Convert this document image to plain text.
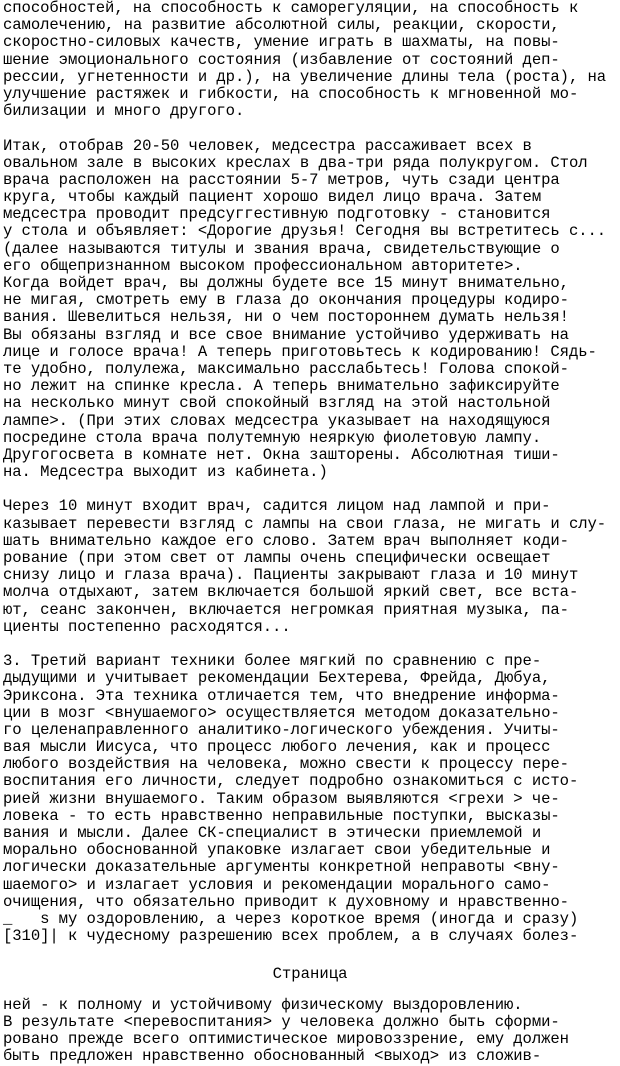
способностей, на способность к саморегуляции, на способность к
самолечению, на развитие абсолютной силы, реакции, скорости,
скоростно-силовых качеств, умение играть в шахматы, на повы-
шение эмоционального состояния (избавление от состояний деп-
рессии, угнетенности и др.), на увеличение длины тела (роста), на
улучшение растяжек и гибкости, на способность к мгновенной мо-
билизации и много другого.
Итак, отобрав 20-50 человек, медсестра рассаживает всех в
овальном зале в высоких креслах в два-три ряда полукругом. Стол
врача расположен на расстоянии 5-7 метров, чуть сзади центра
круга, чтобы каждый пациент хорошо видел лицо врача. Затем
медсестра проводит предсуггестивную подготовку - становится
у стола и объявляет: <Дорогие друзья! Сегодня вы встретитесь с...
(далее называются титулы и звания врача, свидетельствующие о
его общепризнанном высоком профессиональном авторитете>.
Когда войдет врач, вы должны будете все 15 минут внимательно,
не мигая, смотреть ему в глаза до окончания процедуры кодиро-
вания. Шевелиться нельзя, ни о чем постороннем думать нельзя!
Вы обязаны взгляд и все свое внимание устойчиво удерживать на
лице и голосе врача! А теперь приготовьтесь к кодированию! Сядь-
те удобно, полулежа, максимально расслабьтесь! Голова спокой-
но лежит на спинке кресла. А теперь внимательно зафиксируйте
на несколько минут свой спокойный взгляд на этой настольной
лампе>. (При этих словах медсестра указывает на находящуюся
посредине стола врача полутемную неяркую фиолетовую лампу.
Другогосвета в комнате нет. Окна зашторены. Абсолютная тиши-
на. Медсестра выходит из кабинета.)
Через 10 минут входит врач, садится лицом над лампой и при-
казывает перевести взгляд с лампы на свои глаза, не мигать и слу-
шать внимательно каждое его слово. Затем врач выполняет коди-
рование (при этом свет от лампы очень специфически освещает
снизу лицо и глаза врача). Пациенты закрывают глаза и 10 минут
молча отдыхают, затем включается большой яркий свет, все вста-
ют, сеанс закончен, включается негромкая приятная музыка, па-
циенты постепенно расходятся...
3. Третий вариант техники более мягкий по сравнению с пре-
дыдущими и учитывает рекомендации Бехтерева, Фрейда, Дюбуа,
Эриксона. Эта техника отличается тем, что внедрение информа-
ции в мозг <внушаемого> осуществляется методом доказательно-
го целенаправленного аналитико-логического убеждения. Учиты-
вая мысли Иисуса, что процесс любого лечения, как и процесс
любого воздействия на человека, можно свести к процессу пере-
воспитания его личности, следует подробно ознакомиться с исто-
рией жизни внушаемого. Таким образом выявляются <грехи > че-
ловека - то есть нравственно неправильные поступки, высказы-
вания и мысли. Далее СК-специалист в этически приемлемой и
морально обоснованной упаковке излагает свои убедительные и
логически доказательные аргументы конкретной неправоты <вну-
шаемого> и излагает условия и рекомендации морального само-
очищения, что обязательно приводит к духовному и нравственно-
_   s му оздоровлению, а через короткое время (иногда и сразу)
[310]| к чудесному разрешению всех проблем, а в случаях болез-
ней - к полному и устойчивому физическому выздоровлению.
В результате <перевоспитания> у человека должно быть сформи-
ровано прежде всего оптимистическое мировоззрение, ему должен
быть предложен нравственно обоснованный <выход> из сложив-
Страница
